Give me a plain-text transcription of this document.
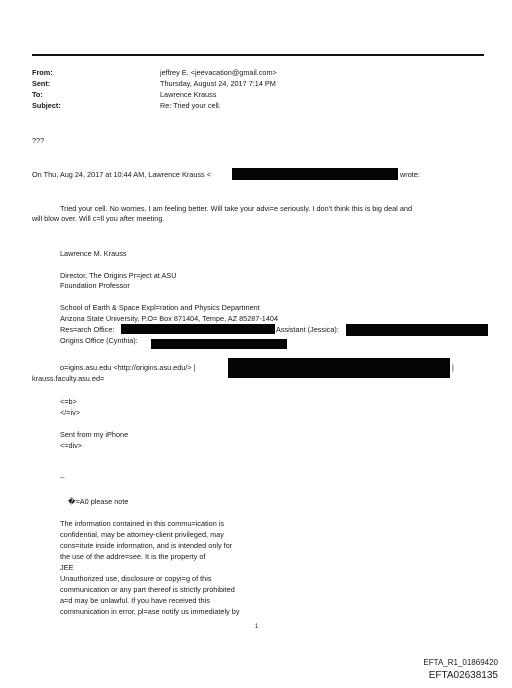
From:	jeffrey E. <jeevacation@gmail.com>
Sent:	Thursday, August 24, 2017 7:14 PM
To:	Lawrence Krauss
Subject:	Re: Tried your cell.
???
On Thu, Aug 24, 2017 at 10:44 AM, Lawrence Krauss <	wrote:
Tried your cell. No worries. I am feeling better. Will take your advi=e seriously. I don't think this is big deal and
will blow over. Will c=ll you after meeting.
Lawrence M. Krauss
Director, The Origins Pr=ject at ASU
Foundation Professor
School of Earth & Space Expl=ration and Physics Department
Arizona State University, P.O= Box 871404, Tempe, AZ 85287-1404
Res=arch Office:	Assistant (Jessica):
Origins Office (Cynthia):
o=igins.asu.edu <http://origins.asu.edu/> |	|
krauss.faculty.asu.ed=
<=b>
</=iv>
Sent from my iPhone
<=div>
--
�=A0 please note
The information contained in this commu=ication is
confidential, may be attorney-client privileged, may
cons=itute inside information, and is intended only for
the use of the addre=see. It is the property of
JEE
Unauthorized use, disclosure or copyi=g of this
communication or any part thereof is strictly prohibited
a=d may be unlawful. If you have received this
communication in error, pl=ase notify us immediately by
1
EFTA_R1_01869420
EFTA02638135
